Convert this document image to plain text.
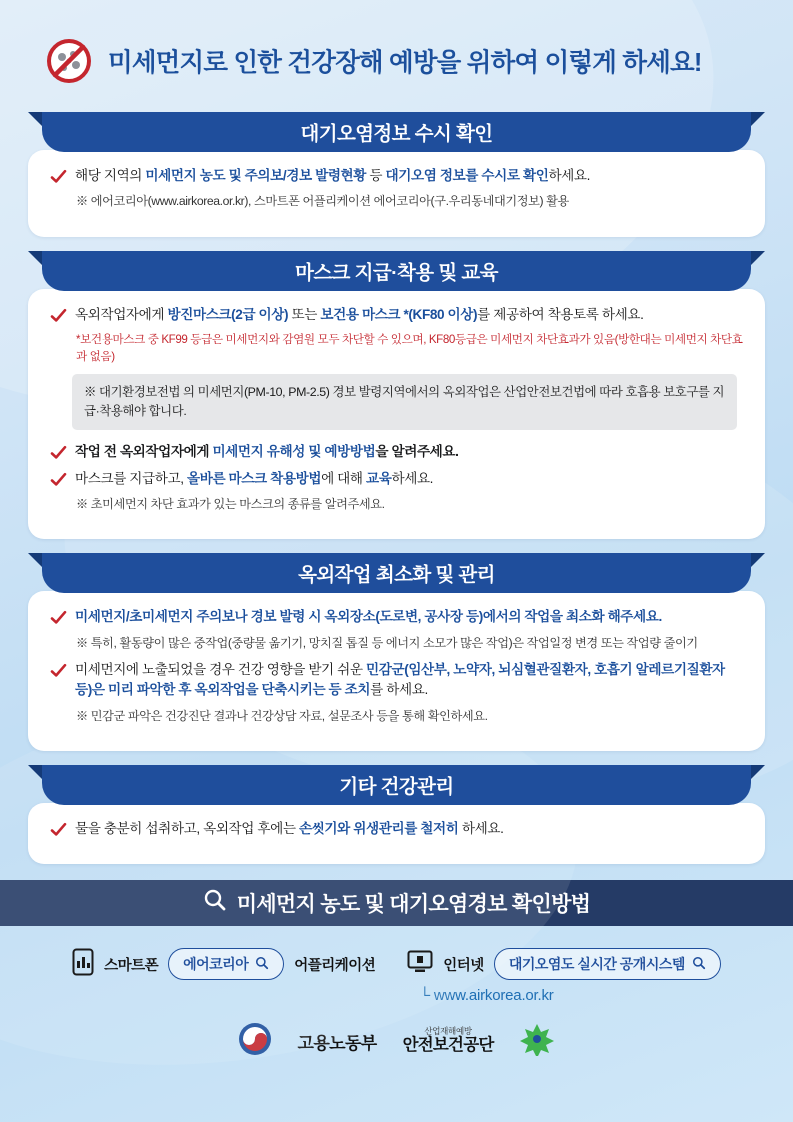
미세먼지로 인한 건강장해 예방을 위하여 이렇게 하세요!
대기오염정보 수시 확인
해당 지역의 미세먼지 농도 및 주의보/경보 발령현황 등 대기오염 정보를 수시로 확인하세요.
※ 에어코리아(www.airkorea.or.kr), 스마트폰 어플리케이션 에어코리아(구.우리동네대기정보) 활용
마스크 지급·착용 및 교육
옥외작업자에게 방진마스크(2급 이상) 또는 보건용 마스크 *(KF80 이상)를 제공하여 착용토록 하세요.
*보건용마스크 중 KF99 등급은 미세먼지와 감염원 모두 차단할 수 있으며, KF80등급은 미세먼지 차단효과가 있음(방한대는 미세먼지 차단효과 없음)
※ 대기환경보전법 의 미세먼지(PM-10, PM-2.5) 경보 발령지역에서의 옥외작업은 산업안전보건법에 따라 호흡용 보호구를 지급·착용해야 합니다.
작업 전 옥외작업자에게 미세먼지 유해성 및 예방방법을 알려주세요.
마스크를 지급하고, 올바른 마스크 착용방법에 대해 교육하세요.
※ 초미세먼지 차단 효과가 있는 마스크의 종류를 알려주세요.
옥외작업 최소화 및 관리
미세먼지/초미세먼지 주의보나 경보 발령 시 옥외장소(도로변, 공사장 등)에서의 작업을 최소화 해주세요.
※ 특히, 활동량이 많은 중작업(중량물 옮기기, 망치질 톱질 등 에너지 소모가 많은 작업)은 작업일정 변경 또는 작업량 줄이기
미세먼지에 노출되었을 경우 건강 영향을 받기 쉬운 민감군(임산부, 노약자, 뇌심혈관질환자, 호흡기 알레르기질환자 등)은 미리 파악한 후 옥외작업을 단축시키는 등 조치를 하세요.
※ 민감군 파악은 건강진단 결과나 건강상담 자료, 설문조사 등을 통해 확인하세요.
기타 건강관리
물을 충분히 섭취하고, 옥외작업 후에는 손씻기와 위생관리를 철저히 하세요.
미세먼지 농도 및 대기오염경보 확인방법
스마트폰 에어코리아	어플리케이션	인터넷 대기오염도 실시간 공개시스템
└ www.airkorea.or.kr
고용노동부
산업재해예방
안전보건공단
